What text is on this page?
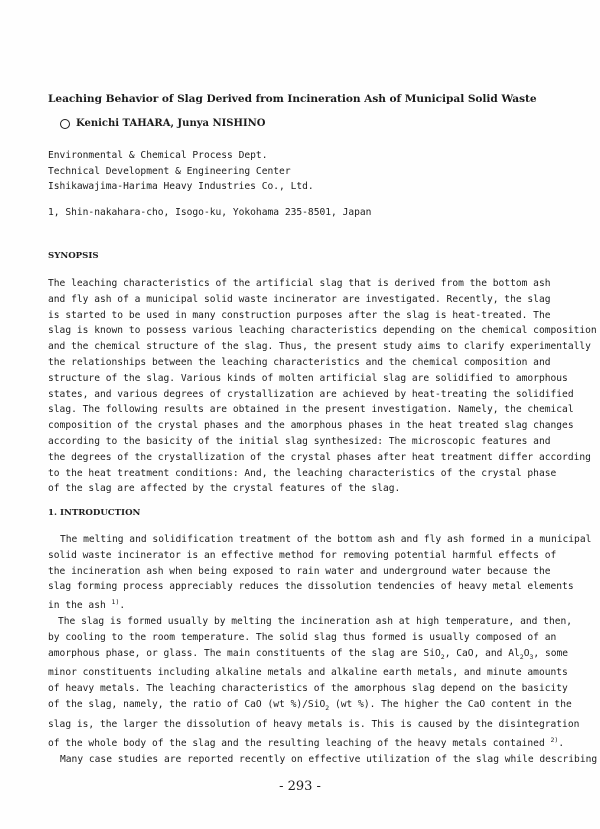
Leaching Behavior of Slag Derived from Incineration Ash of Municipal Solid Waste
Kenichi TAHARA, Junya NISHINO
Environmental & Chemical Process Dept.
Technical Development & Engineering Center
Ishikawajima-Harima Heavy Industries Co., Ltd.
1, Shin-nakahara-cho, Isogo-ku, Yokohama 235-8501, Japan
SYNOPSIS
The leaching characteristics of the artificial slag that is derived from the bottom ash
and fly ash of a municipal solid waste incinerator are investigated. Recently, the slag
is started to be used in many construction purposes after the slag is heat-treated. The
slag is known to possess various leaching characteristics depending on the chemical composition
and the chemical structure of the slag. Thus, the present study aims to clarify experimentally
the relationships between the leaching characteristics and the chemical composition and
structure of the slag. Various kinds of molten artificial slag are solidified to amorphous
states, and various degrees of crystallization are achieved by heat-treating the solidified
slag. The following results are obtained in the present investigation. Namely, the chemical
composition of the crystal phases and the amorphous phases in the heat treated slag changes
according to the basicity of the initial slag synthesized: The microscopic features and
the degrees of the crystallization of the crystal phases after heat treatment differ according
to the heat treatment conditions: And, the leaching characteristics of the crystal phase
of the slag are affected by the crystal features of the slag.
1. INTRODUCTION
The melting and solidification treatment of the bottom ash and fly ash formed in a municipal
solid waste incinerator is an effective method for removing potential harmful effects of
the incineration ash when being exposed to rain water and underground water because the
slag forming process appreciably reduces the dissolution tendencies of heavy metal elements
in the ash $^{1)}$.
The slag is formed usually by melting the incineration ash at high temperature, and then,
by cooling to the room temperature. The solid slag thus formed is usually composed of an
amorphous phase, or glass. The main constituents of the slag are SiO$_2$, CaO, and $Al_2O_3$, some
minor constituents including alkaline metals and alkaline earth metals, and minute amounts
of heavy metals. The leaching characteristics of the amorphous slag depend on the basicity
of the slag, namely, the ratio of CaO (wt %)/SiO$_2$ (wt %). The higher the CaO content in the
slag is, the larger the dissolution of heavy metals is. This is caused by the disintegration
of the whole body of the slag and the resulting leaching of the heavy metals contained $^{2)}$.
Many case studies are reported recently on effective utilization of the slag while describing
- 293 -
